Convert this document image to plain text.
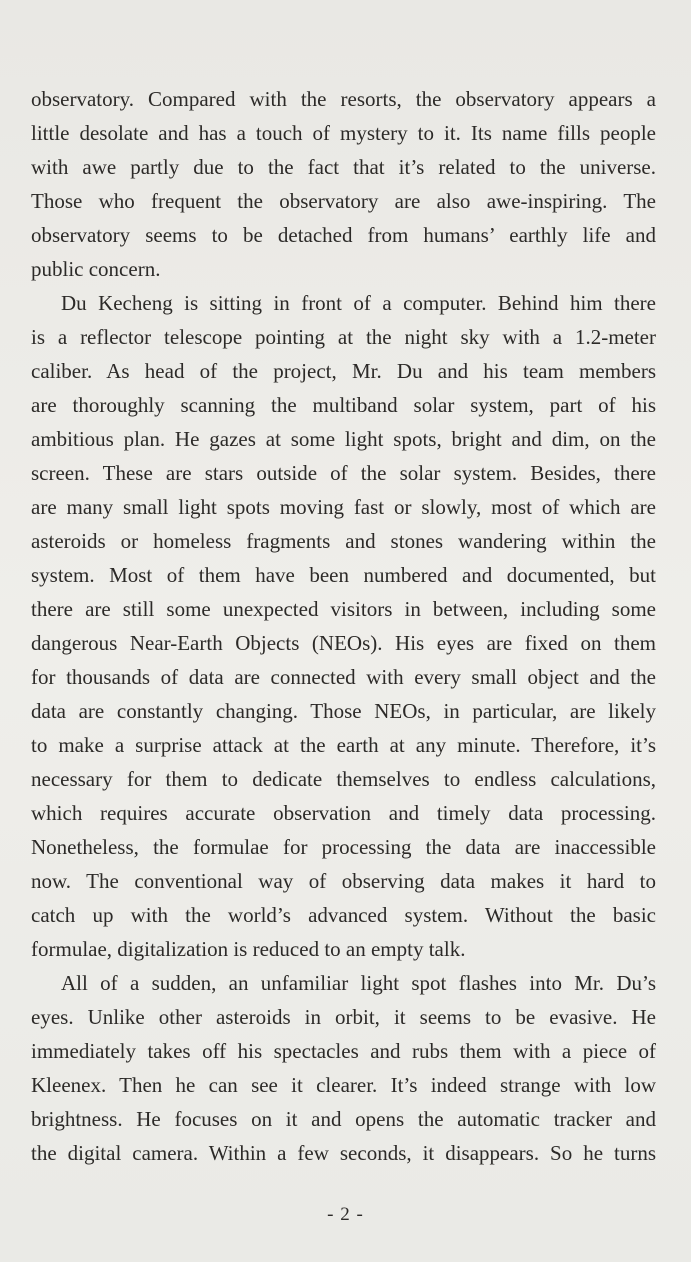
observatory. Compared with the resorts, the observatory appears a
little desolate and has a touch of mystery to it. Its name fills people
with awe partly due to the fact that it’s related to the universe.
Those who frequent the observatory are also awe-inspiring. The
observatory seems to be detached from humans’ earthly life and
public concern.
Du Kecheng is sitting in front of a computer. Behind him there
is a reflector telescope pointing at the night sky with a 1.2-meter
caliber. As head of the project, Mr. Du and his team members
are thoroughly scanning the multiband solar system, part of his
ambitious plan. He gazes at some light spots, bright and dim, on the
screen. These are stars outside of the solar system. Besides, there
are many small light spots moving fast or slowly, most of which are
asteroids or homeless fragments and stones wandering within the
system. Most of them have been numbered and documented, but
there are still some unexpected visitors in between, including some
dangerous Near-Earth Objects (NEOs). His eyes are fixed on them
for thousands of data are connected with every small object and the
data are constantly changing. Those NEOs, in particular, are likely
to make a surprise attack at the earth at any minute. Therefore, it’s
necessary for them to dedicate themselves to endless calculations,
which requires accurate observation and timely data processing.
Nonetheless, the formulae for processing the data are inaccessible
now. The conventional way of observing data makes it hard to
catch up with the world’s advanced system. Without the basic
formulae, digitalization is reduced to an empty talk.
All of a sudden, an unfamiliar light spot flashes into Mr. Du’s
eyes. Unlike other asteroids in orbit, it seems to be evasive. He
immediately takes off his spectacles and rubs them with a piece of
Kleenex. Then he can see it clearer. It’s indeed strange with low
brightness. He focuses on it and opens the automatic tracker and
the digital camera. Within a few seconds, it disappears. So he turns
- 2 -
